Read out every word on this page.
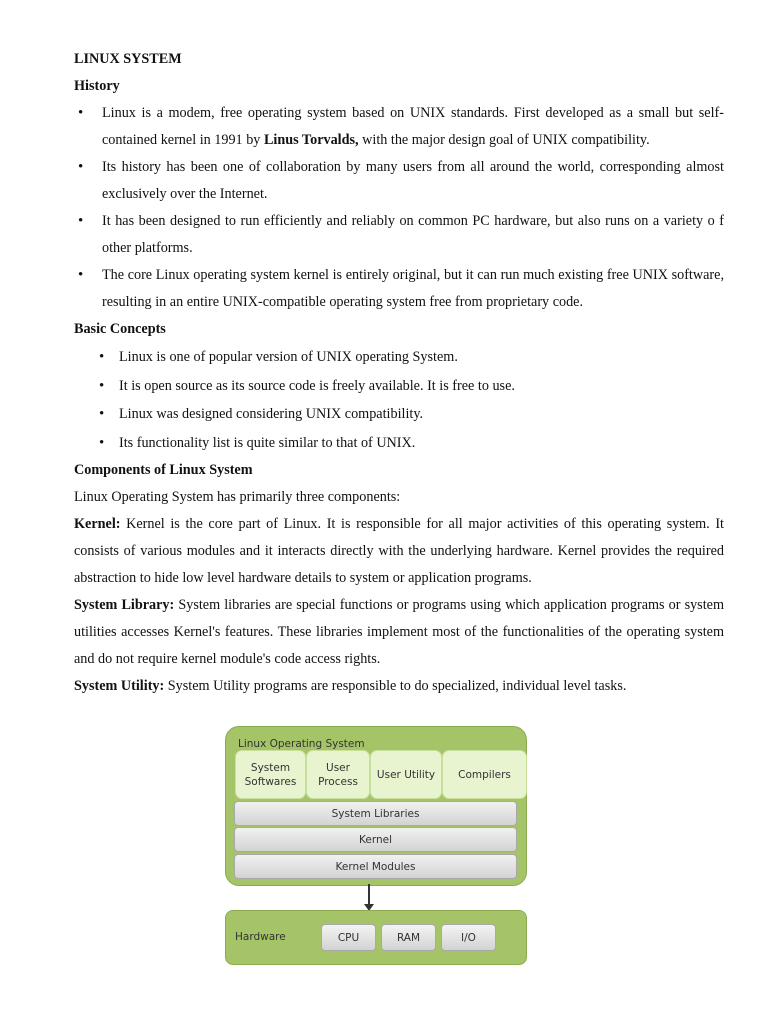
LINUX SYSTEM
History
• Linux is a modem, free operating system based on UNIX standards. First developed as a small but self- contained kernel in 1991 by Linus Torvalds, with the major design goal of UNIX compatibility.
• Its history has been one of collaboration by many users from all around the world, corresponding almost exclusively over the Internet.
• It has been designed to run efficiently and reliably on common PC hardware, but also runs on a variety o f other platforms.
• The core Linux operating system kernel is entirely original, but it can run much existing free UNIX software, resulting in an entire UNIX-compatible operating system free from proprietary code.
Basic Concepts
• Linux is one of popular version of UNIX operating System.
• It is open source as its source code is freely available. It is free to use.
• Linux was designed considering UNIX compatibility.
• Its functionality list is quite similar to that of UNIX.
Components of Linux System

Linux Operating System has primarily three components:

Kernel: Kernel is the core part of Linux. It is responsible for all major activities of this operating system. It consists of various modules and it interacts directly with the underlying hardware. Kernel provides the required abstraction to hide low level hardware details to system or application programs.

System Library: System libraries are special functions or programs using which application programs or system utilities accesses Kernel's features. These libraries implement most of the functionalities of the operating system and do not require kernel module's code access rights.

System Utility: System Utility programs are responsible to do specialized, individual level tasks.

Linux Operating System
System Softwares
User Process
User Utility	Compilers
System Libraries
Kernel
Kernel Modules
Hardware	CPU	RAM	I/O
